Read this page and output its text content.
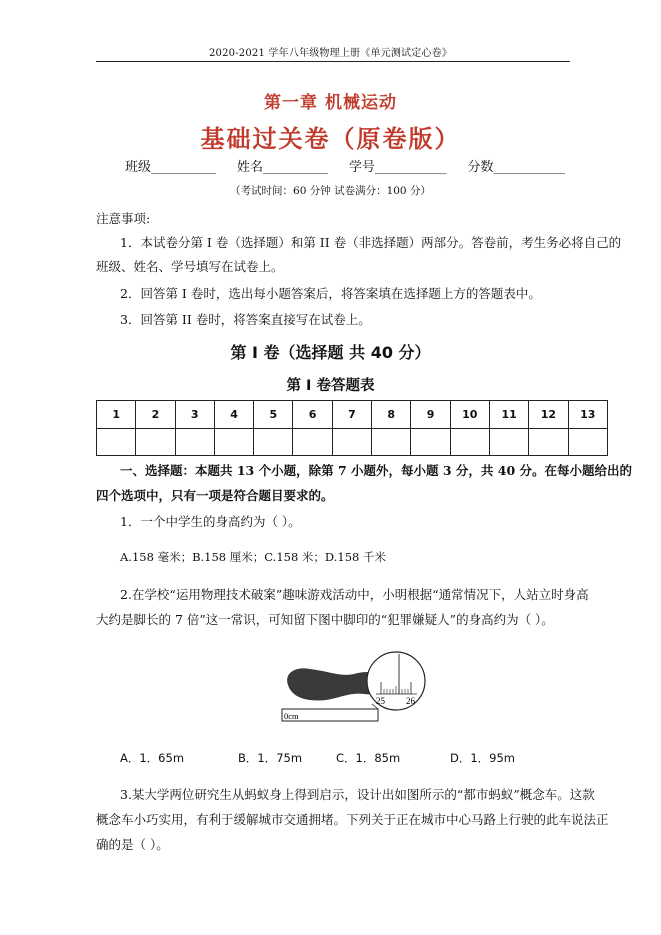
2020-2021 学年八年级物理上册《单元测试定心卷》
第一章 机械运动
基础过关卷（原卷版）
班级__________ 姓名__________ 学号___________ 分数___________
（考试时间：60 分钟 试卷满分：100 分）
注意事项:
1．本试卷分第 I 卷（选择题）和第 II 卷（非选择题）两部分。答卷前，考生务必将自己的
班级、姓名、学号填写在试卷上。
2．回答第 I 卷时，选出每小题答案后，将答案填在选择题上方的答题表中。
3．回答第 II 卷时，将答案直接写在试卷上。
第 I 卷（选择题 共 40 分）
第 I 卷答题表
1	2	3	4	5	6	7	8	9	10	11	12	13

一、选择题：本题共 13 个小题，除第 7 小题外，每小题 3 分，共 40 分。在每小题给出的
四个选项中，只有一项是符合题目要求的。
1．一个中学生的身高约为（ ）。
A.158 毫米；B.158 厘米；C.158 米；D.158 千米
2.在学校“运用物理技术破案”趣味游戏活动中，小明根据“通常情况下，人站立时身高
大约是脚长的 7 倍”这一常识，可知留下图中脚印的“犯罪嫌疑人”的身高约为（ ）。
0cm
25 26
A．1．65m	B．1．75m	C．1．85m	D．1．95m
3.某大学两位研究生从蚂蚁身上得到启示，设计出如图所示的“都市蚂蚁”概念车。这款
概念车小巧实用，有利于缓解城市交通拥堵。下列关于正在城市中心马路上行驶的此车说法正
确的是（ ）。
